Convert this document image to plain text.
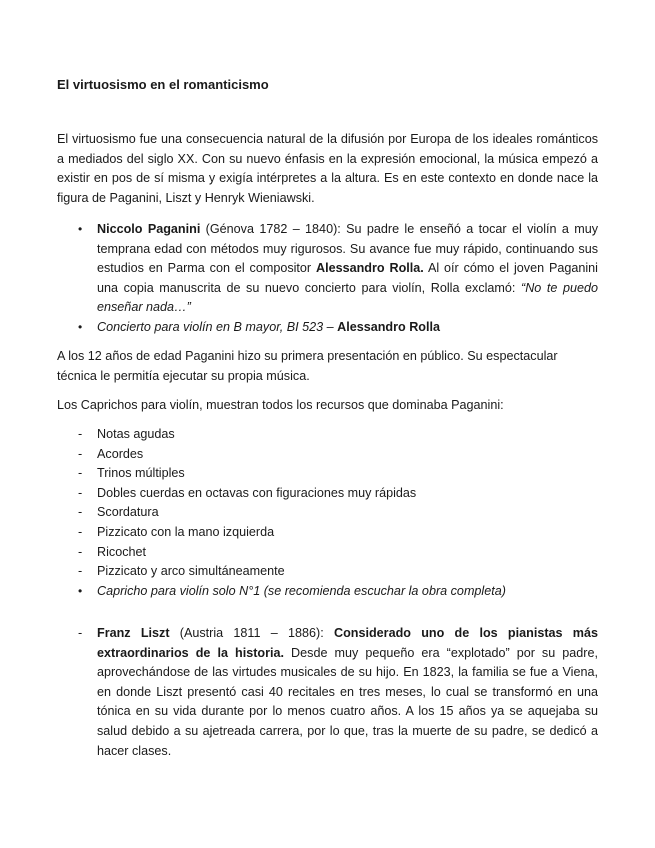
El virtuosismo en el romanticismo

El virtuosismo fue una consecuencia natural de la difusión por Europa de los ideales románticos a mediados del siglo XX. Con su nuevo énfasis en la expresión emocional, la música empezó a existir en pos de sí misma y exigía intérpretes a la altura. Es en este contexto en donde nace la figura de Paganini, Liszt y Henryk Wieniawski.

• Niccolo Paganini (Génova 1782 – 1840): Su padre le enseñó a tocar el violín a muy temprana edad con métodos muy rigurosos. Su avance fue muy rápido, continuando sus estudios en Parma con el compositor Alessandro Rolla. Al oír cómo el joven Paganini una copia manuscrita de su nuevo concierto para violín, Rolla exclamó: “No te puedo enseñar nada…”
• Concierto para violín en B mayor, BI 523 – Alessandro Rolla

A los 12 años de edad Paganini hizo su primera presentación en público. Su espectacular técnica le permitía ejecutar su propia música.

Los Caprichos para violín, muestran todos los recursos que dominaba Paganini:

- Notas agudas
- Acordes
- Trinos múltiples
- Dobles cuerdas en octavas con figuraciones muy rápidas
- Scordatura
- Pizzicato con la mano izquierda
- Ricochet
- Pizzicato y arco simultáneamente
• Capricho para violín solo N°1 (se recomienda escuchar la obra completa)
- Franz Liszt (Austria 1811 – 1886): Considerado uno de los pianistas más extraordinarios de la historia. Desde muy pequeño era “explotado” por su padre, aprovechándose de las virtudes musicales de su hijo. En 1823, la familia se fue a Viena, en donde Liszt presentó casi 40 recitales en tres meses, lo cual se transformó en una tónica en su vida durante por lo menos cuatro años. A los 15 años ya se aquejaba su salud debido a su ajetreada carrera, por lo que, tras la muerte de su padre, se dedicó a hacer clases.
